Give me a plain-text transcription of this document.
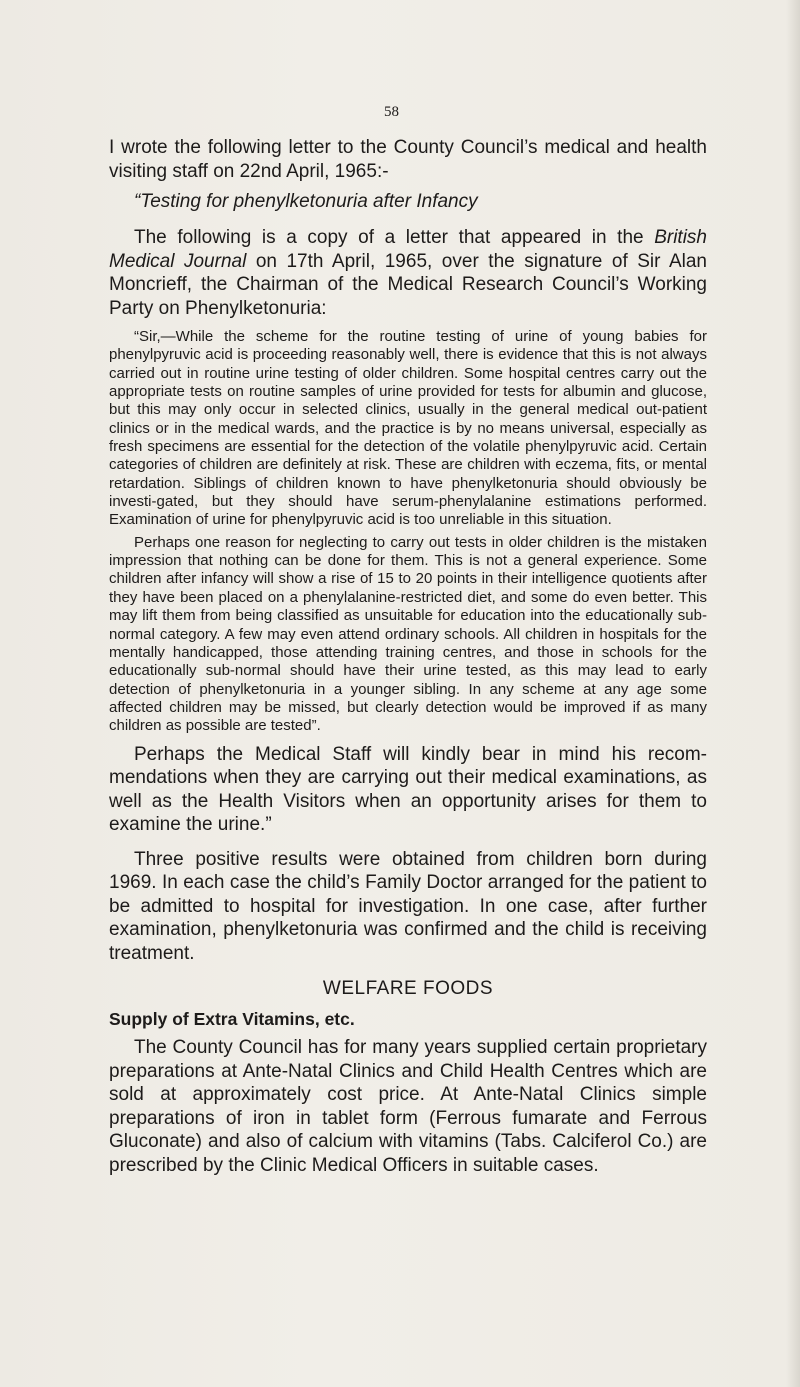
58

I wrote the following letter to the County Council’s medical and health visiting staff on 22nd April, 1965:-

“Testing for phenylketonuria after Infancy

The following is a copy of a letter that appeared in the British Medical Journal on 17th April, 1965, over the signature of Sir Alan Moncrieff, the Chairman of the Medical Research Council’s Working Party on Phenylketonuria:

“Sir,—While the scheme for the routine testing of urine of young babies for phenylpyruvic acid is proceeding reasonably well, there is evidence that this is not always carried out in routine urine testing of older children. Some hospital centres carry out the appropriate tests on routine samples of urine provided for tests for albumin and glucose, but this may only occur in selected clinics, usually in the general medical out-patient clinics or in the medical wards, and the practice is by no means universal, especially as fresh specimens are essential for the detection of the volatile phenylpyruvic acid. Certain categories of children are definitely at risk. These are children with eczema, fits, or mental retardation. Siblings of children known to have phenylketonuria should obviously be investi-gated, but they should have serum-phenylalanine estimations performed. Examination of urine for phenylpyruvic acid is too unreliable in this situation.

Perhaps one reason for neglecting to carry out tests in older children is the mistaken impression that nothing can be done for them. This is not a general experience. Some children after infancy will show a rise of 15 to 20 points in their intelligence quotients after they have been placed on a phenylalanine-restricted diet, and some do even better. This may lift them from being classified as unsuitable for education into the educationally sub-normal category. A few may even attend ordinary schools. All children in hospitals for the mentally handicapped, those attending training centres, and those in schools for the educationally sub-normal should have their urine tested, as this may lead to early detection of phenylketonuria in a younger sibling. In any scheme at any age some affected children may be missed, but clearly detection would be improved if as many children as possible are tested”.

Perhaps the Medical Staff will kindly bear in mind his recom-mendations when they are carrying out their medical examinations, as well as the Health Visitors when an opportunity arises for them to examine the urine.”

Three positive results were obtained from children born during 1969. In each case the child’s Family Doctor arranged for the patient to be admitted to hospital for investigation. In one case, after further examination, phenylketonuria was confirmed and the child is receiving treatment.

WELFARE FOODS

Supply of Extra Vitamins, etc.

The County Council has for many years supplied certain proprietary preparations at Ante-Natal Clinics and Child Health Centres which are sold at approximately cost price. At Ante-Natal Clinics simple preparations of iron in tablet form (Ferrous fumarate and Ferrous Gluconate) and also of calcium with vitamins (Tabs. Calciferol Co.) are prescribed by the Clinic Medical Officers in suitable cases.
